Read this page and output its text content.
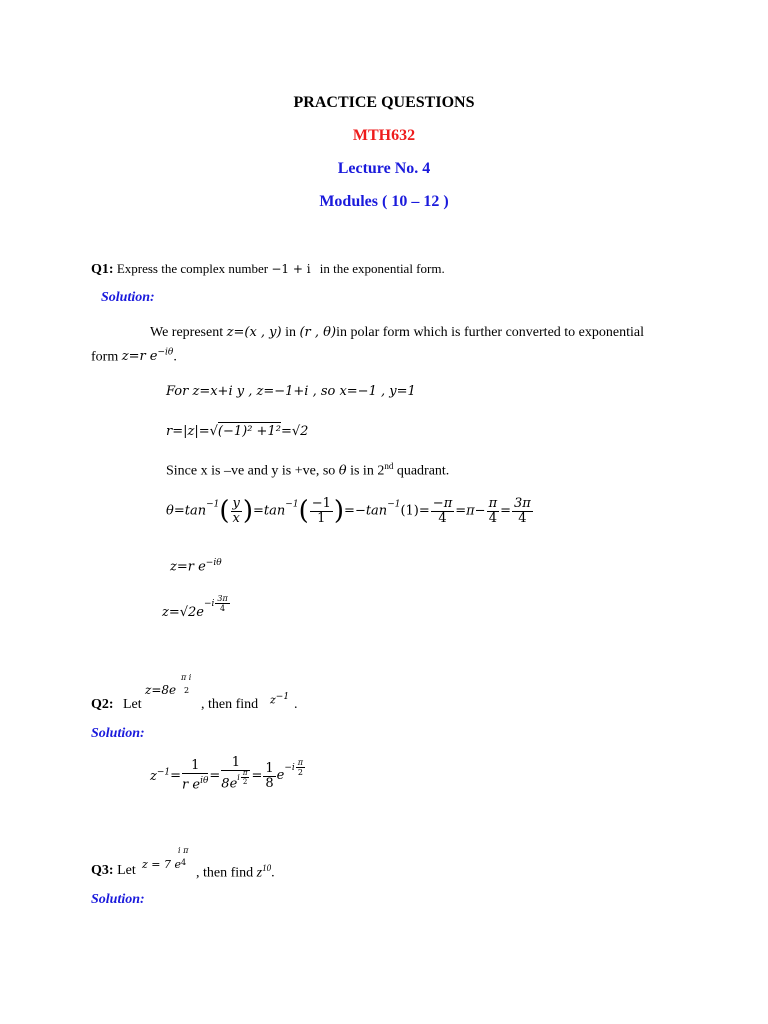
PRACTICE QUESTIONS
MTH632
Lecture No. 4
Modules ( 10 – 12 )
Q1: Express the complex number −1 + i in the exponential form.
Solution:
We represent z=(x , y) in (r , θ)in polar form which is further converted to exponential
form z=r $e^{-i\theta}$.
For z=x+i y , z=−1+i , so x=−1 , y=1
r=|z|=√(−1)² +1²=√2
Since x is –ve and y is +ve, so θ is in 2nd quadrant.
$\theta=\tan^{-1}( \frac{y}{x} )=\tan^{-1}( \frac{-1}{1} )=-\tan^{-1}(1)= \frac{-\pi}{4} =\pi- \frac{\pi}{4} = \frac{3\pi}{4}$
z=r $e^{-i\theta}$
$z=√2e^{-i \frac{3\pi}{4}}$
Q2: Let
z=8e
π i
2
, then find $z^{-1}$ .
Solution:
$z^{-1}= \frac{1}{r e^{i\theta}} = 1$
$8e^{i \frac{\pi}{2}} = \frac{1}{8} e^{-i \frac{\pi}{2}}$
Q3: Let z = 7 e
i π
4
, then find $z^{10}$.
Solution:
